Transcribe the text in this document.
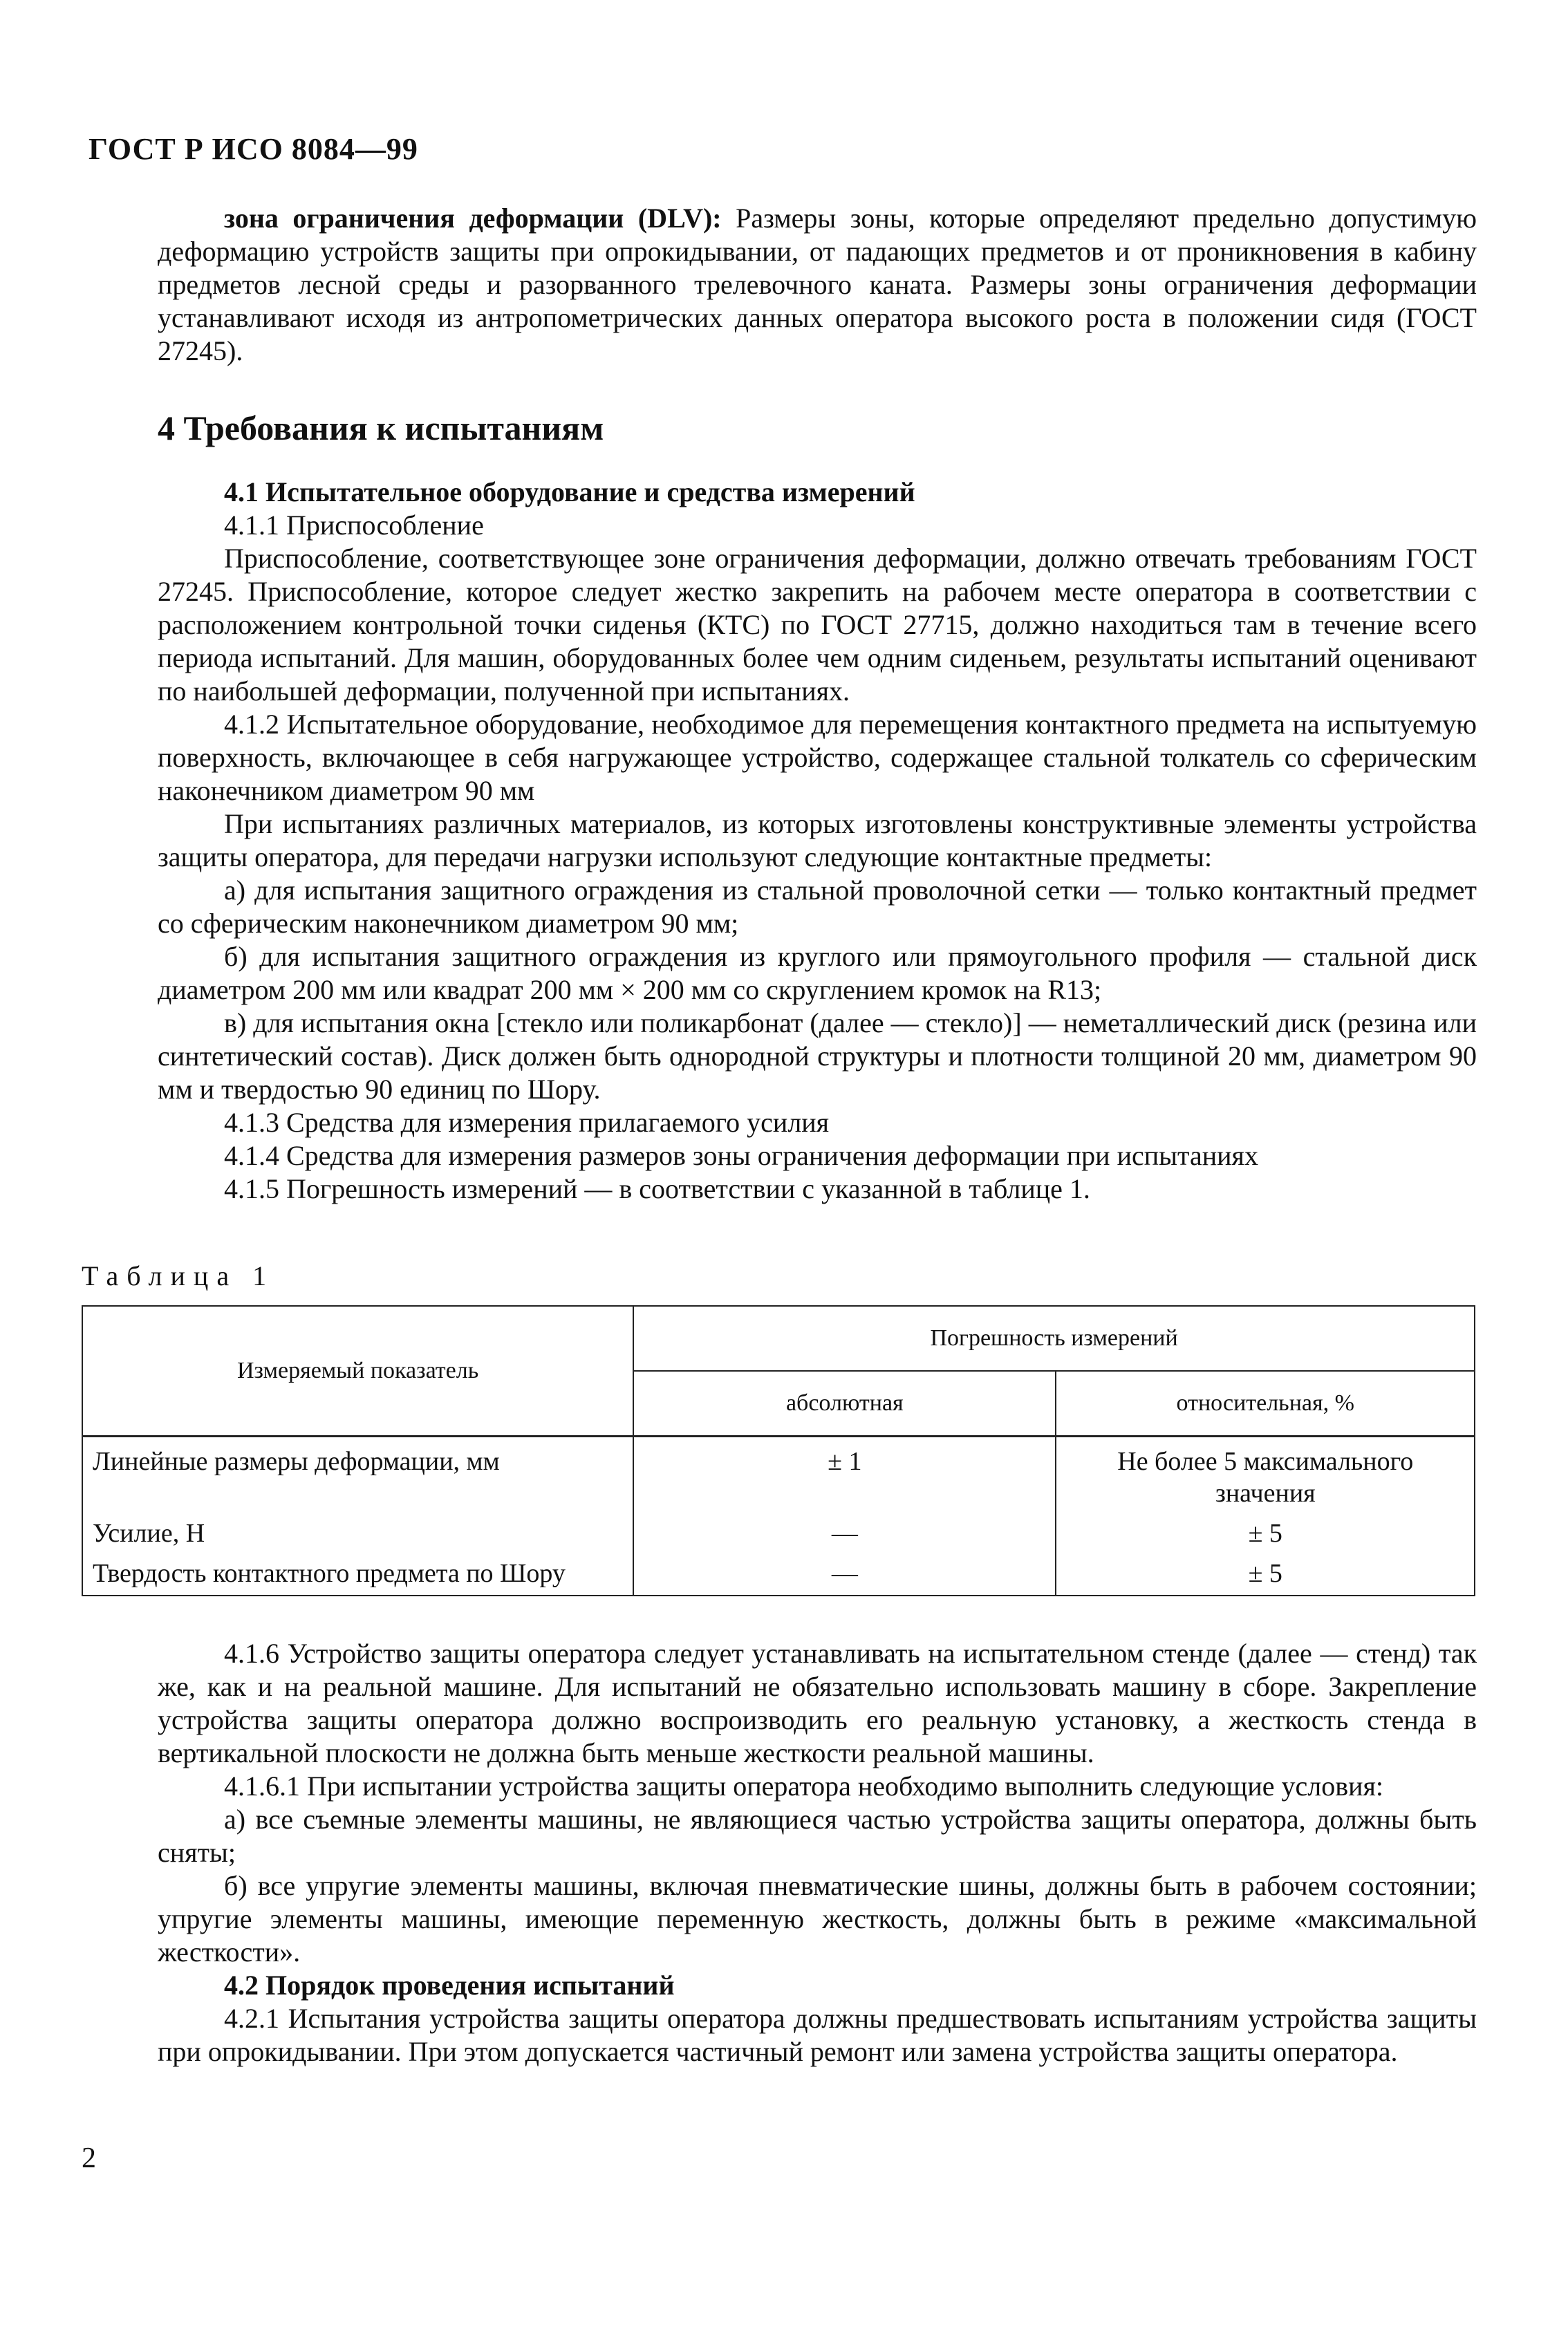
ГОСТ Р ИСО 8084—99

зона ограничения деформации (DLV): Размеры зоны, которые определяют предельно допустимую деформацию устройств защиты при опрокидывании, от падающих предметов и от проникновения в кабину предметов лесной среды и разорванного трелевочного каната. Размеры зоны ограничения деформации устанавливают исходя из антропометрических данных оператора высокого роста в положении сидя (ГОСТ 27245).

4 Требования к испытаниям

4.1 Испытательное оборудование и средства измерений

4.1.1 Приспособление

Приспособление, соответствующее зоне ограничения деформации, должно отвечать требованиям ГОСТ 27245. Приспособление, которое следует жестко закрепить на рабочем месте оператора в соответствии с расположением контрольной точки сиденья (КТС) по ГОСТ 27715, должно находиться там в течение всего периода испытаний. Для машин, оборудованных более чем одним сиденьем, результаты испытаний оценивают по наибольшей деформации, полученной при испытаниях.

4.1.2 Испытательное оборудование, необходимое для перемещения контактного предмета на испытуемую поверхность, включающее в себя нагружающее устройство, содержащее стальной толкатель со сферическим наконечником диаметром 90 мм

При испытаниях различных материалов, из которых изготовлены конструктивные элементы устройства защиты оператора, для передачи нагрузки используют следующие контактные предметы:

а) для испытания защитного ограждения из стальной проволочной сетки — только контактный предмет со сферическим наконечником диаметром 90 мм;

б) для испытания защитного ограждения из круглого или прямоугольного профиля — стальной диск диаметром 200 мм или квадрат 200 мм × 200 мм со скруглением кромок на R13;

в) для испытания окна [стекло или поликарбонат (далее — стекло)] — неметаллический диск (резина или синтетический состав). Диск должен быть однородной структуры и плотности толщиной 20 мм, диаметром 90 мм и твердостью 90 единиц по Шору.

4.1.3 Средства для измерения прилагаемого усилия

4.1.4 Средства для измерения размеров зоны ограничения деформации при испытаниях

4.1.5 Погрешность измерений — в соответствии с указанной в таблице 1.

Таблица 1
Измеряемый показатель	Погрешность измерений	
	абсолютная	относительная, %
Линейные размеры деформации, мм	± 1	Не более 5 максимального значения
Усилие, Н	—	± 5
Твердость контактного предмета по Шору	—	± 5

4.1.6 Устройство защиты оператора следует устанавливать на испытательном стенде (далее — стенд) так же, как и на реальной машине. Для испытаний не обязательно использовать машину в сборе. Закрепление устройства защиты оператора должно воспроизводить его реальную установку, а жесткость стенда в вертикальной плоскости не должна быть меньше жесткости реальной машины.

4.1.6.1 При испытании устройства защиты оператора необходимо выполнить следующие условия:

а) все съемные элементы машины, не являющиеся частью устройства защиты оператора, должны быть сняты;

б) все упругие элементы машины, включая пневматические шины, должны быть в рабочем состоянии; упругие элементы машины, имеющие переменную жесткость, должны быть в режиме «максимальной жесткости».

4.2 Порядок проведения испытаний

4.2.1 Испытания устройства защиты оператора должны предшествовать испытаниям устройства защиты при опрокидывании. При этом допускается частичный ремонт или замена устройства защиты оператора.

2
